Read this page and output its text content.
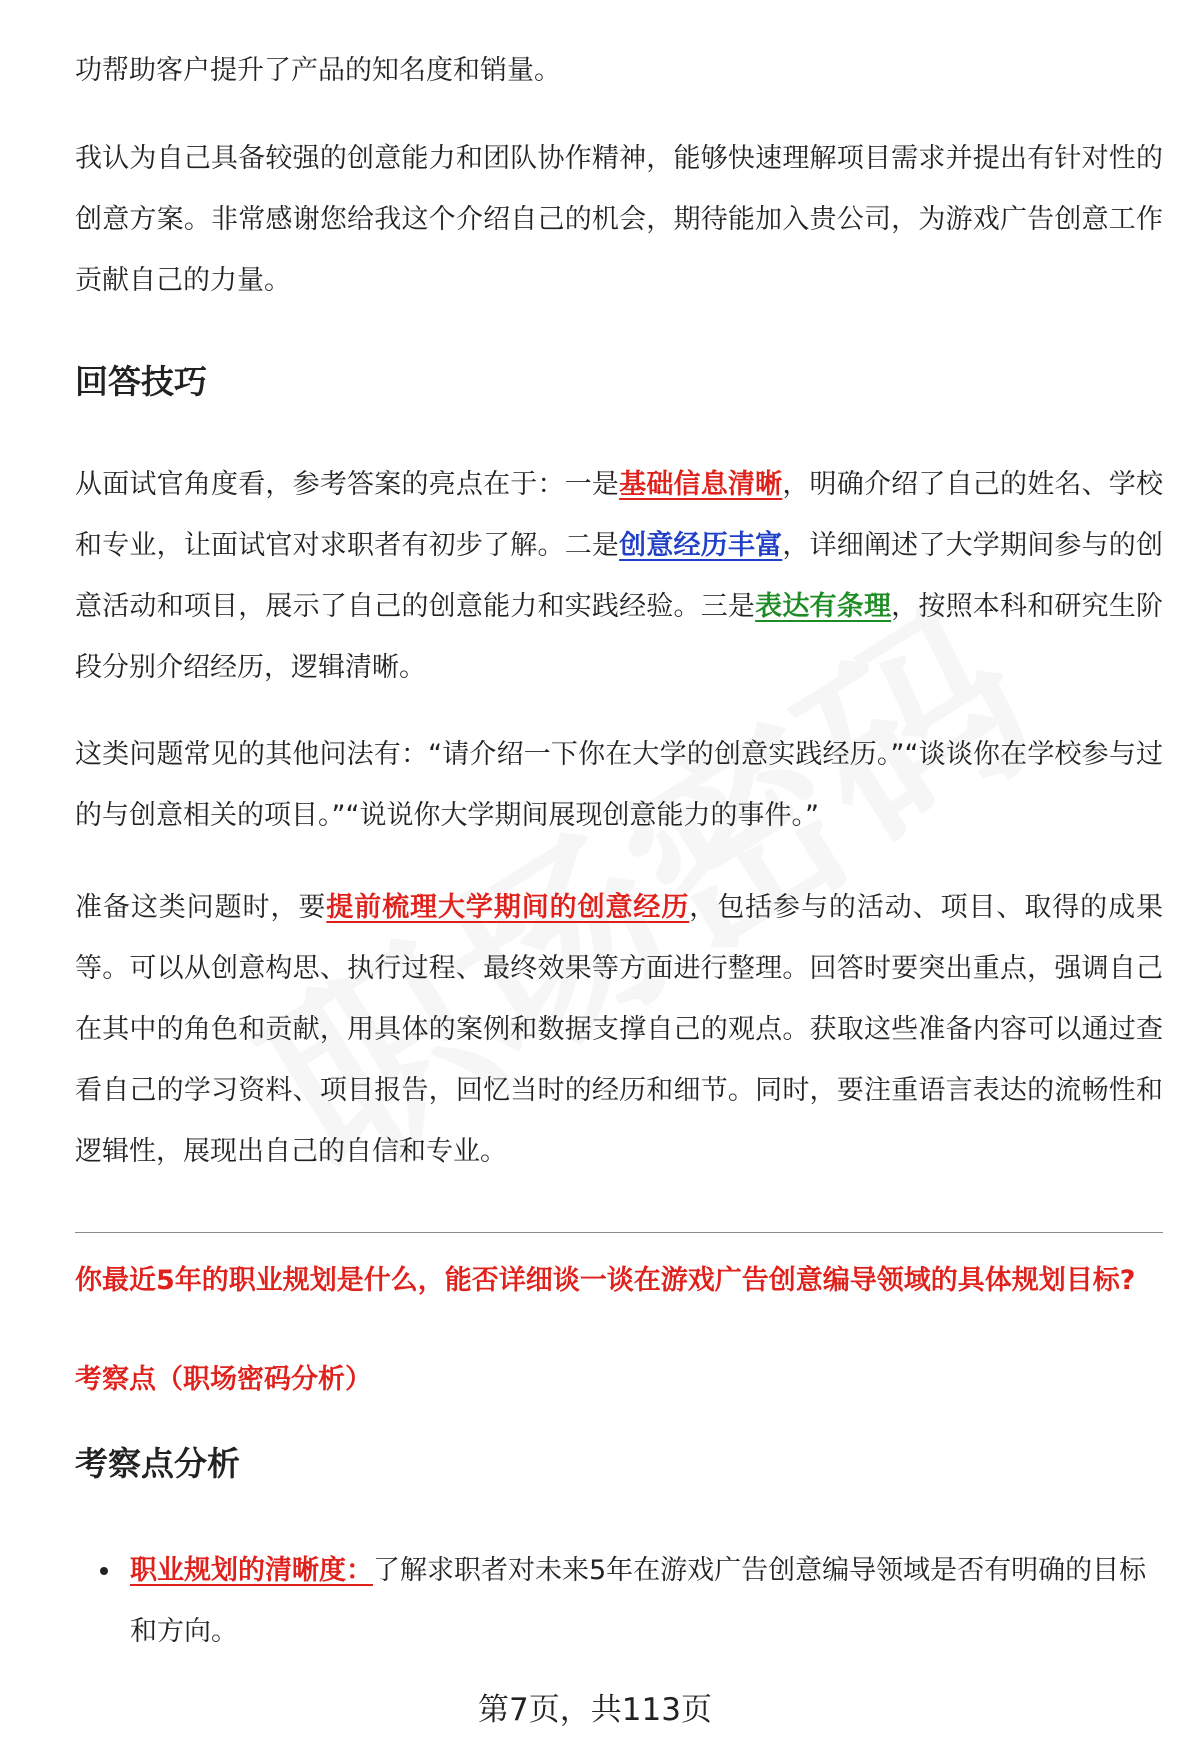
功帮助客户提升了产品的知名度和销量。

我认为自己具备较强的创意能力和团队协作精神，能够快速理解项目需求并提出有针对性的创意方案。非常感谢您给我这个介绍自己的机会，期待能加入贵公司，为游戏广告创意工作贡献自己的力量。

回答技巧

从面试官角度看，参考答案的亮点在于：一是基础信息清晰，明确介绍了自己的姓名、学校和专业，让面试官对求职者有初步了解。二是创意经历丰富，详细阐述了大学期间参与的创意活动和项目，展示了自己的创意能力和实践经验。三是表达有条理，按照本科和研究生阶段分别介绍经历，逻辑清晰。

这类问题常见的其他问法有：“请介绍一下你在大学的创意实践经历。”“谈谈你在学校参与过的与创意相关的项目。”“说说你大学期间展现创意能力的事件。”

准备这类问题时，要提前梳理大学期间的创意经历，包括参与的活动、项目、取得的成果等。可以从创意构思、执行过程、最终效果等方面进行整理。回答时要突出重点，强调自己在其中的角色和贡献，用具体的案例和数据支撑自己的观点。获取这些准备内容可以通过查看自己的学习资料、项目报告，回忆当时的经历和细节。同时，要注重语言表达的流畅性和逻辑性，展现出自己的自信和专业。

你最近5年的职业规划是什么，能否详细谈一谈在游戏广告创意编导领域的具体规划目标?
考察点（职场密码分析）
考察点分析
职业规划的清晰度：了解求职者对未来5年在游戏广告创意编导领域是否有明确的目标和方向。
第7页，共113页
